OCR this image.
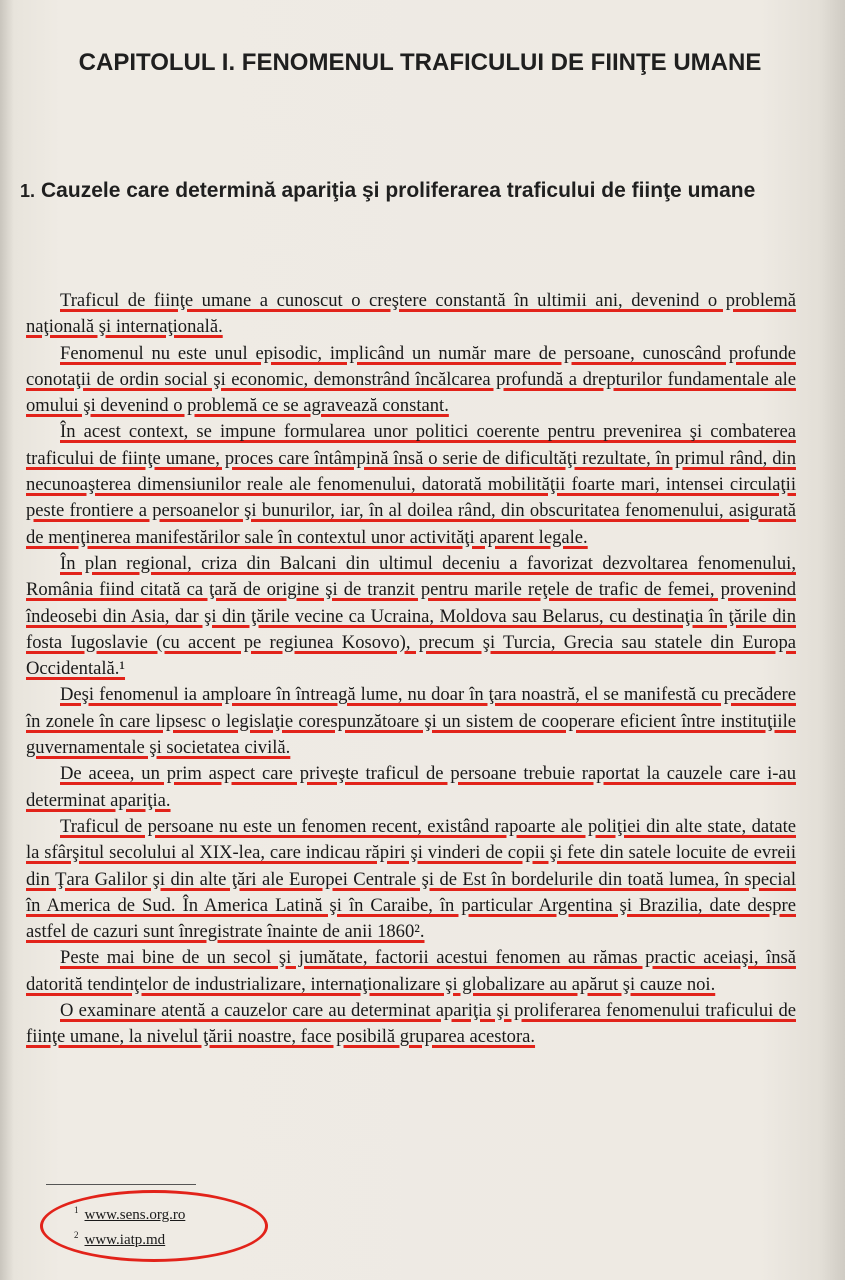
CAPITOLUL I. FENOMENUL TRAFICULUI DE FIINŢE UMANE
1. Cauzele care determină apariţia şi proliferarea traficului de fiinţe umane

Traficul de fiinţe umane a cunoscut o creştere constantă în ultimii ani, devenind o problemă naţională şi internaţională.

Fenomenul nu este unul episodic, implicând un număr mare de persoane, cunoscând profunde conotaţii de ordin social şi economic, demonstrând încălcarea profundă a drepturilor fundamentale ale omului şi devenind o problemă ce se agravează constant.

În acest context, se impune formularea unor politici coerente pentru prevenirea şi combaterea traficului de fiinţe umane, proces care întâmpină însă o serie de dificultăţi rezultate, în primul rând, din necunoaşterea dimensiunilor reale ale fenomenului, datorată mobilităţii foarte mari, intensei circulaţii peste frontiere a persoanelor şi bunurilor, iar, în al doilea rând, din obscuritatea fenomenului, asigurată de menţinerea manifestărilor sale în contextul unor activităţi aparent legale.

În plan regional, criza din Balcani din ultimul deceniu a favorizat dezvoltarea fenomenului, România fiind citată ca ţară de origine şi de tranzit pentru marile reţele de trafic de femei, provenind îndeosebi din Asia, dar şi din ţările vecine ca Ucraina, Moldova sau Belarus, cu destinaţia în ţările din fosta Iugoslavie (cu accent pe regiunea Kosovo), precum şi Turcia, Grecia sau statele din Europa Occidentală.¹

Deşi fenomenul ia amploare în întreagă lume, nu doar în ţara noastră, el se manifestă cu precădere în zonele în care lipsesc o legislaţie corespunzătoare şi un sistem de cooperare eficient între instituţiile guvernamentale şi societatea civilă.

De aceea, un prim aspect care priveşte traficul de persoane trebuie raportat la cauzele care i-au determinat apariţia.

Traficul de persoane nu este un fenomen recent, existând rapoarte ale poliţiei din alte state, datate la sfârşitul secolului al XIX-lea, care indicau răpiri şi vinderi de copii şi fete din satele locuite de evreii din Ţara Galilor şi din alte ţări ale Europei Centrale şi de Est în bordelurile din toată lumea, în special în America de Sud. În America Latină şi în Caraibe, în particular Argentina şi Brazilia, date despre astfel de cazuri sunt înregistrate înainte de anii 1860².

Peste mai bine de un secol şi jumătate, factorii acestui fenomen au rămas practic aceiaşi, însă datorită tendinţelor de industrializare, internaţionalizare şi globalizare au apărut şi cauze noi.

O examinare atentă a cauzelor care au determinat apariţia şi proliferarea fenomenului traficului de fiinţe umane, la nivelul ţării noastre, face posibilă gruparea acestora.

$^1$ www.sens.org.ro
$^2$ www.iatp.md
